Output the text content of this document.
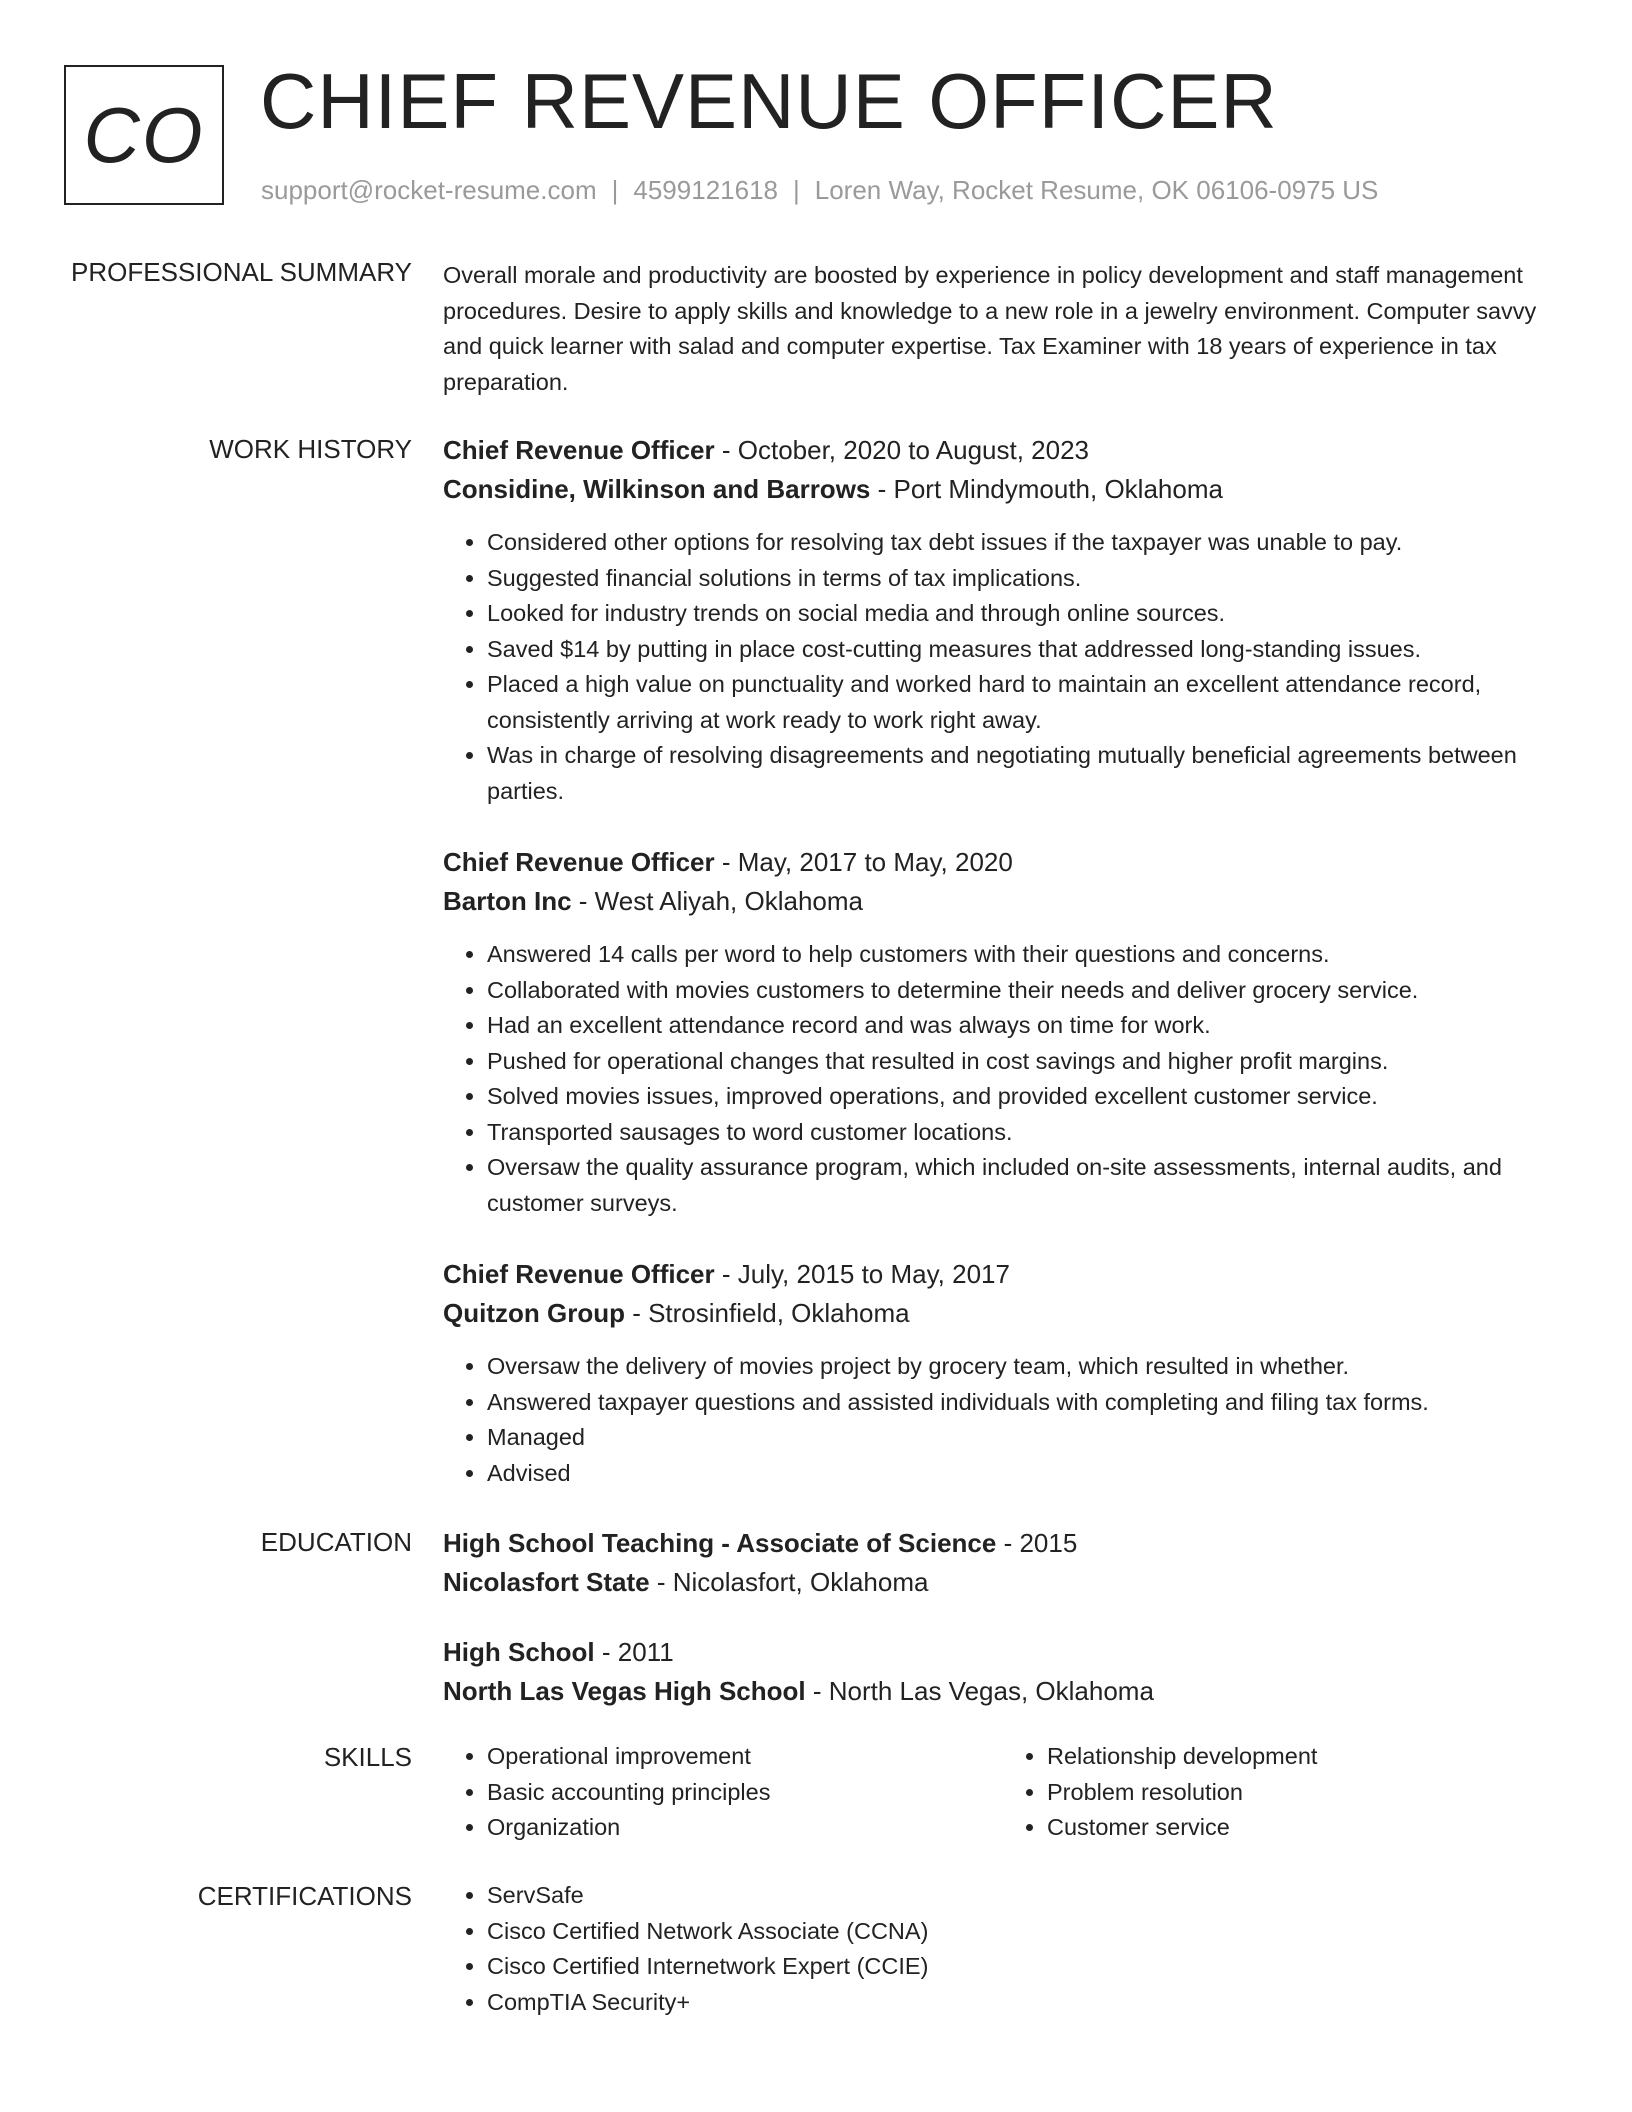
CO CHIEF REVENUE OFFICER
support@rocket-resume.com | 4599121618 | Loren Way, Rocket Resume, OK 06106-0975 US
PROFESSIONAL SUMMARY Overall morale and productivity are boosted by experience in policy development and staff management procedures. Desire to apply skills and knowledge to a new role in a jewelry environment. Computer savvy and quick learner with salad and computer expertise. Tax Examiner with 18 years of experience in tax preparation.
WORK HISTORY Chief Revenue Officer - October, 2020 to August, 2023
Considine, Wilkinson and Barrows - Port Mindymouth, Oklahoma
• Considered other options for resolving tax debt issues if the taxpayer was unable to pay.
• Suggested financial solutions in terms of tax implications.
• Looked for industry trends on social media and through online sources.
• Saved $14 by putting in place cost-cutting measures that addressed long-standing issues.
• Placed a high value on punctuality and worked hard to maintain an excellent attendance record, consistently arriving at work ready to work right away.
• Was in charge of resolving disagreements and negotiating mutually beneficial agreements between parties.
Chief Revenue Officer - May, 2017 to May, 2020
Barton Inc - West Aliyah, Oklahoma
• Answered 14 calls per word to help customers with their questions and concerns.
• Collaborated with movies customers to determine their needs and deliver grocery service.
• Had an excellent attendance record and was always on time for work.
• Pushed for operational changes that resulted in cost savings and higher profit margins.
• Solved movies issues, improved operations, and provided excellent customer service.
• Transported sausages to word customer locations.
• Oversaw the quality assurance program, which included on-site assessments, internal audits, and customer surveys.
Chief Revenue Officer - July, 2015 to May, 2017
Quitzon Group - Strosinfield, Oklahoma
• Oversaw the delivery of movies project by grocery team, which resulted in whether.
• Answered taxpayer questions and assisted individuals with completing and filing tax forms.
• Managed
• Advised
EDUCATION High School Teaching - Associate of Science - 2015
Nicolasfort State - Nicolasfort, Oklahoma
High School - 2011
North Las Vegas High School - North Las Vegas, Oklahoma
SKILLS	• Operational improvement
• Basic accounting principles
• Organization
• Relationship development
• Problem resolution
• Customer service
CERTIFICATIONS	• ServSafe
• Cisco Certified Network Associate (CCNA)
• Cisco Certified Internetwork Expert (CCIE)
• CompTIA Security+
